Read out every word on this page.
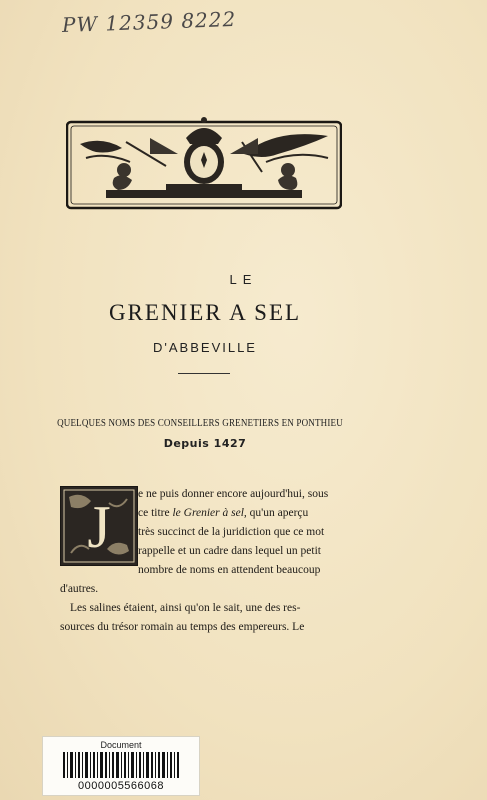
PW 12359 8222
LE
GRENIER A SEL
D'ABBEVILLE
QUELQUES NOMS DES CONSEILLERS GRENETIERS EN PONTHIEU
Depuis 1427
J e ne puis donner encore aujourd'hui, sous
ce titre le Grenier à sel, qu'un aperçu
très succinct de la juridiction que ce mot
rappelle et un cadre dans lequel un petit
nombre de noms en attendent beaucoup
d'autres.
Les salines étaient, ainsi qu'on le sait, une des res-
sources du trésor romain au temps des empereurs. Le
Document
0000005566068
